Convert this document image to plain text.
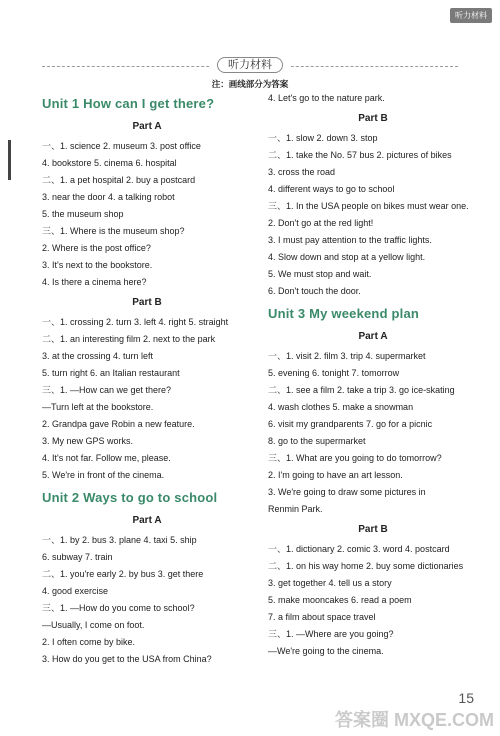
听力材料
听力材料
注：画线部分为答案
Unit 1 How can I get there?
Part A
一、1. science 2. museum 3. post office
4. bookstore 5. cinema 6. hospital
二、1. a pet hospital 2. buy a postcard
3. near the door 4. a talking robot
5. the museum shop
三、1. Where is the museum shop?
2. Where is the post office?
3. It's next to the bookstore.
4. Is there a cinema here?
Part B
一、1. crossing 2. turn 3. left 4. right 5. straight
二、1. an interesting film 2. next to the park
3. at the crossing 4. turn left
5. turn right 6. an Italian restaurant
三、1. —How can we get there?
—Turn left at the bookstore.
2. Grandpa gave Robin a new feature.
3. My new GPS works.
4. It's not far. Follow me, please.
5. We're in front of the cinema.
Unit 2 Ways to go to school
Part A
一、1. by 2. bus 3. plane 4. taxi 5. ship
6. subway 7. train
二、1. you're early 2. by bus 3. get there
4. good exercise
三、1. —How do you come to school?
—Usually, I come on foot.
2. I often come by bike.
3. How do you get to the USA from China?
4. Let's go to the nature park.
Part B
一、1. slow 2. down 3. stop
二、1. take the No. 57 bus 2. pictures of bikes
3. cross the road
4. different ways to go to school
三、1. In the USA people on bikes must wear one.
2. Don't go at the red light!
3. I must pay attention to the traffic lights.
4. Slow down and stop at a yellow light.
5. We must stop and wait.
6. Don't touch the door.
Unit 3 My weekend plan
Part A
一、1. visit 2. film 3. trip 4. supermarket
5. evening 6. tonight 7. tomorrow
二、1. see a film 2. take a trip 3. go ice-skating
4. wash clothes 5. make a snowman
6. visit my grandparents 7. go for a picnic
8. go to the supermarket
三、1. What are you going to do tomorrow?
2. I'm going to have an art lesson.
3. We're going to draw some pictures in
Renmin Park.
Part B
一、1. dictionary 2. comic 3. word 4. postcard
二、1. on his way home 2. buy some dictionaries
3. get together 4. tell us a story
5. make mooncakes 6. read a poem
7. a film about space travel
三、1. —Where are you going?
—We're going to the cinema.
15
答案圈 MXQE.COM
